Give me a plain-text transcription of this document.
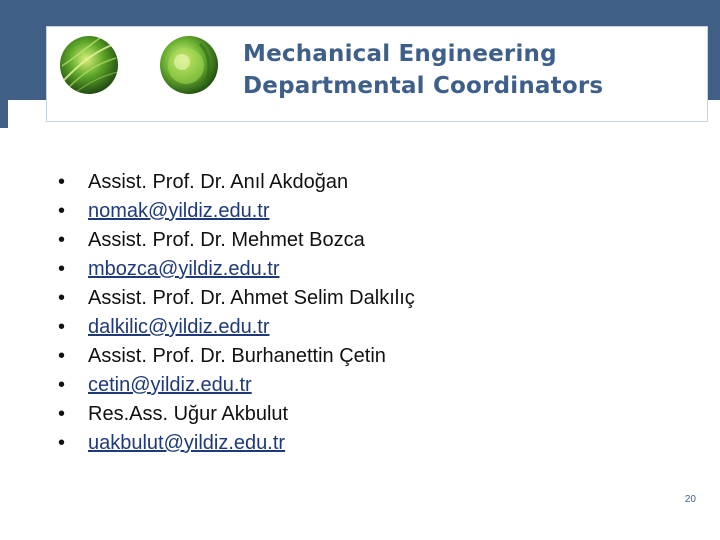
Mechanical Engineering
Departmental Coordinators
• Assist. Prof. Dr. Anıl Akdoğan
• nomak@yildiz.edu.tr
• Assist. Prof. Dr. Mehmet Bozca
• mbozca@yildiz.edu.tr
• Assist. Prof. Dr. Ahmet Selim Dalkılıç
• dalkilic@yildiz.edu.tr
• Assist. Prof. Dr. Burhanettin Çetin
• cetin@yildiz.edu.tr
• Res.Ass. Uğur Akbulut
• uakbulut@yildiz.edu.tr
20
